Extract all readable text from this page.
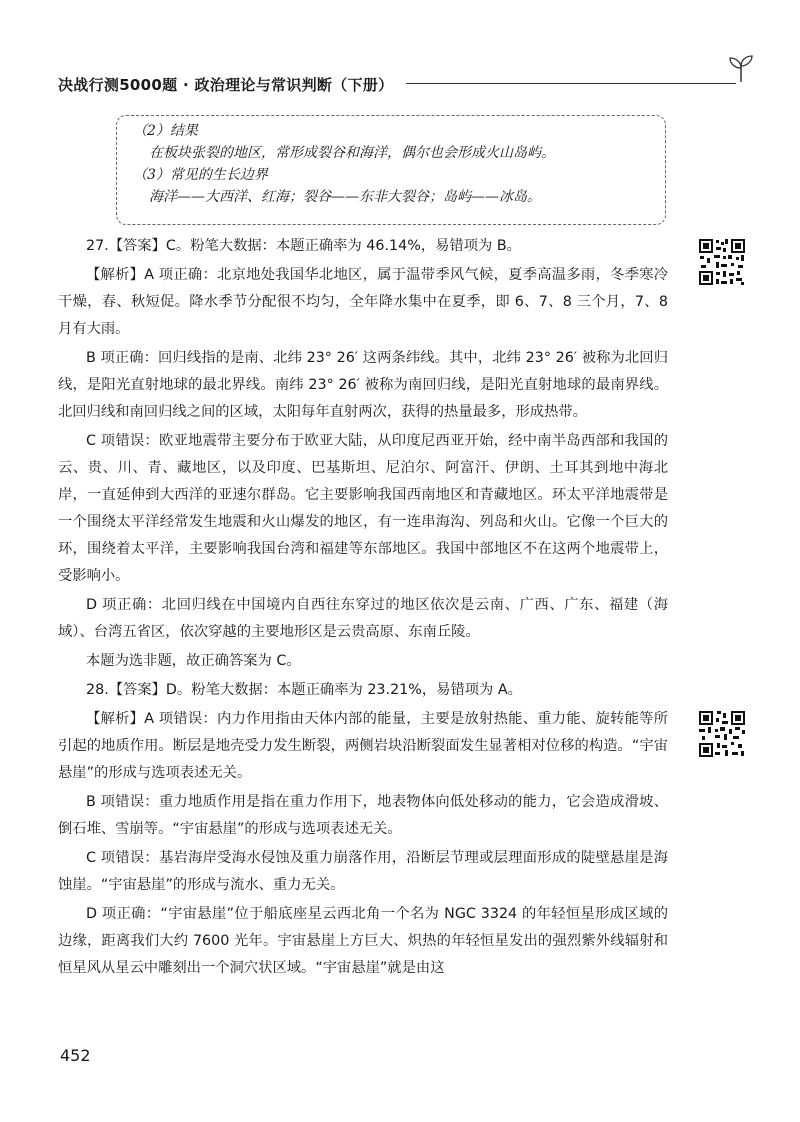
决战行测5000题 · 政治理论与常识判断（下册）
（2）结果
在板块张裂的地区，常形成裂谷和海洋，偶尔也会形成火山岛屿。
（3）常见的生长边界
海洋——大西洋、红海；裂谷——东非大裂谷；岛屿——冰岛。

27.【答案】C。粉笔大数据：本题正确率为 46.14%，易错项为 B。

【解析】A 项正确：北京地处我国华北地区，属于温带季风气候，夏季高温多雨，冬季寒冷干燥，春、秋短促。降水季节分配很不均匀，全年降水集中在夏季，即 6、7、8 三个月，7、8 月有大雨。

B 项正确：回归线指的是南、北纬 23° 26′ 这两条纬线。其中，北纬 23° 26′ 被称为北回归线，是阳光直射地球的最北界线。南纬 23° 26′ 被称为南回归线，是阳光直射地球的最南界线。北回归线和南回归线之间的区域，太阳每年直射两次，获得的热量最多，形成热带。

C 项错误：欧亚地震带主要分布于欧亚大陆，从印度尼西亚开始，经中南半岛西部和我国的云、贵、川、青、藏地区，以及印度、巴基斯坦、尼泊尔、阿富汗、伊朗、土耳其到地中海北岸，一直延伸到大西洋的亚速尔群岛。它主要影响我国西南地区和青藏地区。环太平洋地震带是一个围绕太平洋经常发生地震和火山爆发的地区，有一连串海沟、列岛和火山。它像一个巨大的环，围绕着太平洋，主要影响我国台湾和福建等东部地区。我国中部地区不在这两个地震带上，受影响小。

D 项正确：北回归线在中国境内自西往东穿过的地区依次是云南、广西、广东、福建（海域）、台湾五省区，依次穿越的主要地形区是云贵高原、东南丘陵。

本题为选非题，故正确答案为 C。

28.【答案】D。粉笔大数据：本题正确率为 23.21%，易错项为 A。

【解析】A 项错误：内力作用指由天体内部的能量，主要是放射热能、重力能、旋转能等所引起的地质作用。断层是地壳受力发生断裂，两侧岩块沿断裂面发生显著相对位移的构造。“宇宙悬崖”的形成与选项表述无关。

B 项错误：重力地质作用是指在重力作用下，地表物体向低处移动的能力，它会造成滑坡、倒石堆、雪崩等。“宇宙悬崖”的形成与选项表述无关。

C 项错误：基岩海岸受海水侵蚀及重力崩落作用，沿断层节理或层理面形成的陡壁悬崖是海蚀崖。“宇宙悬崖”的形成与流水、重力无关。

D 项正确：“宇宙悬崖”位于船底座星云西北角一个名为 NGC 3324 的年轻恒星形成区域的边缘，距离我们大约 7600 光年。宇宙悬崖上方巨大、炽热的年轻恒星发出的强烈紫外线辐射和恒星风从星云中雕刻出一个洞穴状区域。“宇宙悬崖”就是由这

452
